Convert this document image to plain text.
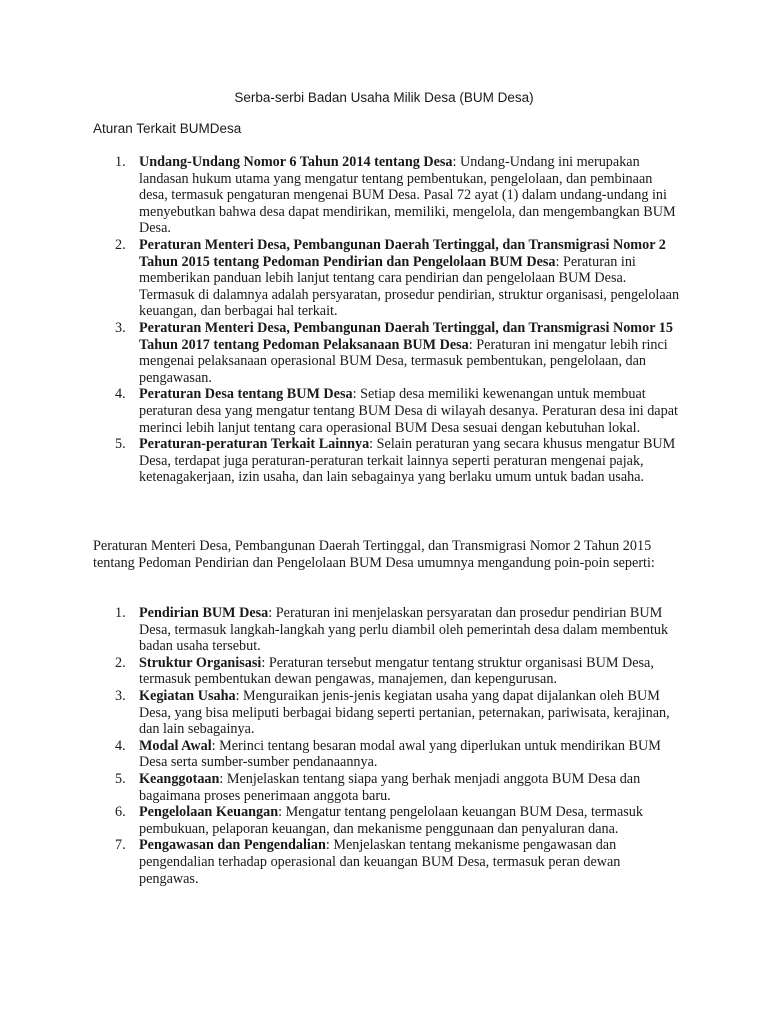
Serba-serbi Badan Usaha Milik Desa (BUM Desa)
Aturan Terkait BUMDesa
1. Undang-Undang Nomor 6 Tahun 2014 tentang Desa: Undang-Undang ini merupakan landasan hukum utama yang mengatur tentang pembentukan, pengelolaan, dan pembinaan desa, termasuk pengaturan mengenai BUM Desa. Pasal 72 ayat (1) dalam undang-undang ini menyebutkan bahwa desa dapat mendirikan, memiliki, mengelola, dan mengembangkan BUM Desa.
2. Peraturan Menteri Desa, Pembangunan Daerah Tertinggal, dan Transmigrasi Nomor 2 Tahun 2015 tentang Pedoman Pendirian dan Pengelolaan BUM Desa: Peraturan ini memberikan panduan lebih lanjut tentang cara pendirian dan pengelolaan BUM Desa. Termasuk di dalamnya adalah persyaratan, prosedur pendirian, struktur organisasi, pengelolaan keuangan, dan berbagai hal terkait.
3. Peraturan Menteri Desa, Pembangunan Daerah Tertinggal, dan Transmigrasi Nomor 15 Tahun 2017 tentang Pedoman Pelaksanaan BUM Desa: Peraturan ini mengatur lebih rinci mengenai pelaksanaan operasional BUM Desa, termasuk pembentukan, pengelolaan, dan pengawasan.
4. Peraturan Desa tentang BUM Desa: Setiap desa memiliki kewenangan untuk membuat peraturan desa yang mengatur tentang BUM Desa di wilayah desanya. Peraturan desa ini dapat merinci lebih lanjut tentang cara operasional BUM Desa sesuai dengan kebutuhan lokal.
5. Peraturan-peraturan Terkait Lainnya: Selain peraturan yang secara khusus mengatur BUM Desa, terdapat juga peraturan-peraturan terkait lainnya seperti peraturan mengenai pajak, ketenagakerjaan, izin usaha, dan lain sebagainya yang berlaku umum untuk badan usaha.

Peraturan Menteri Desa, Pembangunan Daerah Tertinggal, dan Transmigrasi Nomor 2 Tahun 2015 tentang Pedoman Pendirian dan Pengelolaan BUM Desa umumnya mengandung poin-poin seperti:

1. Pendirian BUM Desa: Peraturan ini menjelaskan persyaratan dan prosedur pendirian BUM Desa, termasuk langkah-langkah yang perlu diambil oleh pemerintah desa dalam membentuk badan usaha tersebut.
2. Struktur Organisasi: Peraturan tersebut mengatur tentang struktur organisasi BUM Desa, termasuk pembentukan dewan pengawas, manajemen, dan kepengurusan.
3. Kegiatan Usaha: Menguraikan jenis-jenis kegiatan usaha yang dapat dijalankan oleh BUM Desa, yang bisa meliputi berbagai bidang seperti pertanian, peternakan, pariwisata, kerajinan, dan lain sebagainya.
4. Modal Awal: Merinci tentang besaran modal awal yang diperlukan untuk mendirikan BUM Desa serta sumber-sumber pendanaannya.
5. Keanggotaan: Menjelaskan tentang siapa yang berhak menjadi anggota BUM Desa dan bagaimana proses penerimaan anggota baru.
6. Pengelolaan Keuangan: Mengatur tentang pengelolaan keuangan BUM Desa, termasuk pembukuan, pelaporan keuangan, dan mekanisme penggunaan dan penyaluran dana.
7. Pengawasan dan Pengendalian: Menjelaskan tentang mekanisme pengawasan dan pengendalian terhadap operasional dan keuangan BUM Desa, termasuk peran dewan pengawas.
